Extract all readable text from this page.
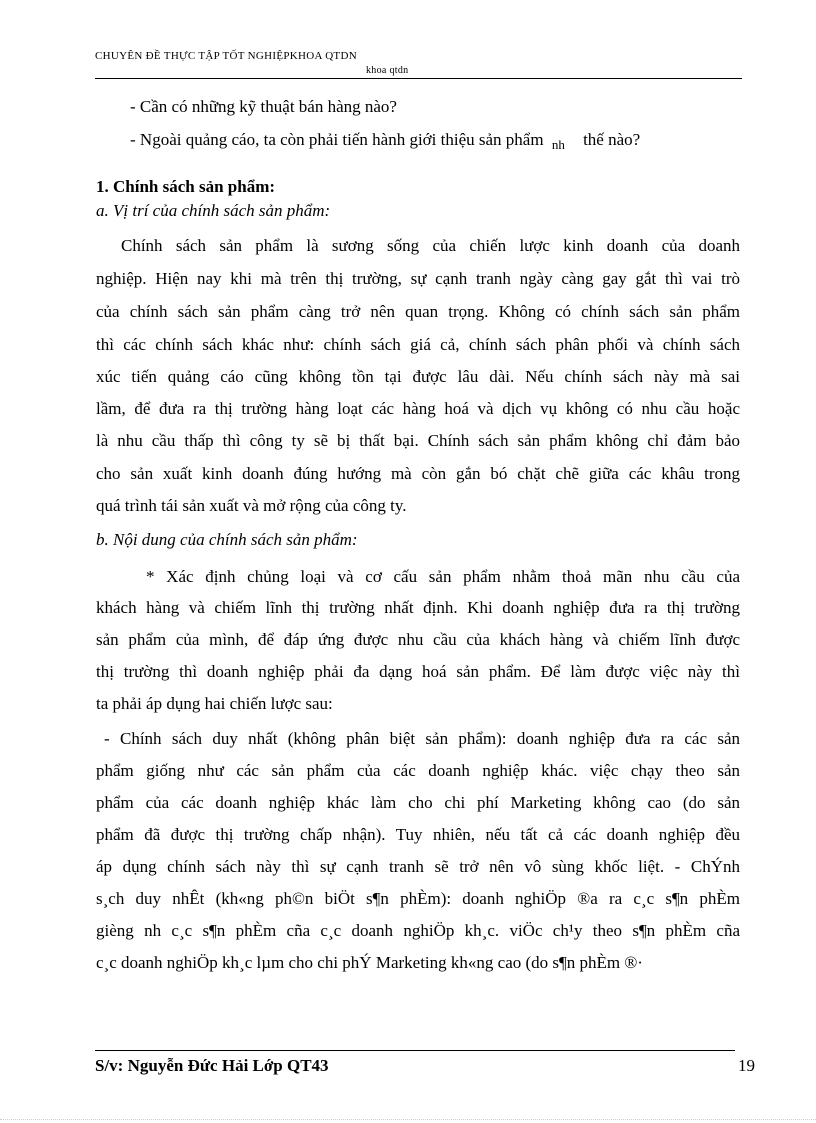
CHUYÊN ĐỀ THỰC TẬP TỐT NGHIỆPKHOA QTDN
khoa qtdn
- Cần có những kỹ thuật bán hàng nào?
- Ngoài quảng cáo, ta còn phải tiến hành giới thiệu sản phẩm $_{nh}$ thế nào?
1. Chính sách sản phẩm:
a. Vị trí của chính sách sản phẩm:
Chính sách sản phẩm là sương sống của chiến lược kinh doanh của doanh
nghiệp. Hiện nay khi mà trên thị trường, sự cạnh tranh ngày càng gay gắt thì vai trò
của chính sách sản phẩm càng trở nên quan trọng. Không có chính sách sản phẩm
thì các chính sách khác như: chính sách giá cả, chính sách phân phối và chính sách
xúc tiến quảng cáo cũng không tồn tại được lâu dài. Nếu chính sách này mà sai
lầm, để đưa ra thị trường hàng loạt các hàng hoá và dịch vụ không có nhu cầu hoặc
là nhu cầu thấp thì công ty sẽ bị thất bại. Chính sách sản phẩm không chỉ đảm bảo
cho sản xuất kinh doanh đúng hướng mà còn gắn bó chặt chẽ giữa các khâu trong
quá trình tái sản xuất và mở rộng của công ty.
b. Nội dung của chính sách sản phẩm:
* Xác định chủng loại và cơ cấu sản phẩm nhằm thoả mãn nhu cầu của
khách hàng và chiếm lĩnh thị trường nhất định. Khi doanh nghiệp đưa ra thị trường
sản phẩm của mình, để đáp ứng được nhu cầu của khách hàng và chiếm lĩnh được
thị trường thì doanh nghiệp phải đa dạng hoá sản phẩm. Để làm được việc này thì
ta phải áp dụng hai chiến lược sau:
- Chính sách duy nhất (không phân biệt sản phẩm): doanh nghiệp đưa ra các sản
phẩm giống như các sản phẩm của các doanh nghiệp khác. việc chạy theo sản
phẩm của các doanh nghiệp khác làm cho chi phí Marketing không cao (do sản
phẩm đã được thị trường chấp nhận). Tuy nhiên, nếu tất cả các doanh nghiệp đều
áp dụng chính sách này thì sự cạnh tranh sẽ trở nên vô sùng khốc liệt. - ChÝnh
s¸ch duy nhÊt (kh«ng ph©n biÖt s¶n phÈm): doanh nghiÖp ®a ra c¸c s¶n phÈm
gièng nh c¸c s¶n phÈm cña c¸c doanh nghiÖp kh¸c. viÖc ch¹y theo s¶n phÈm cña
c¸c doanh nghiÖp kh¸c lµm cho chi phÝ Marketing kh«ng cao (do s¶n phÈm ®·
S/v: Nguyễn Đức Hải Lớp QT43	19
